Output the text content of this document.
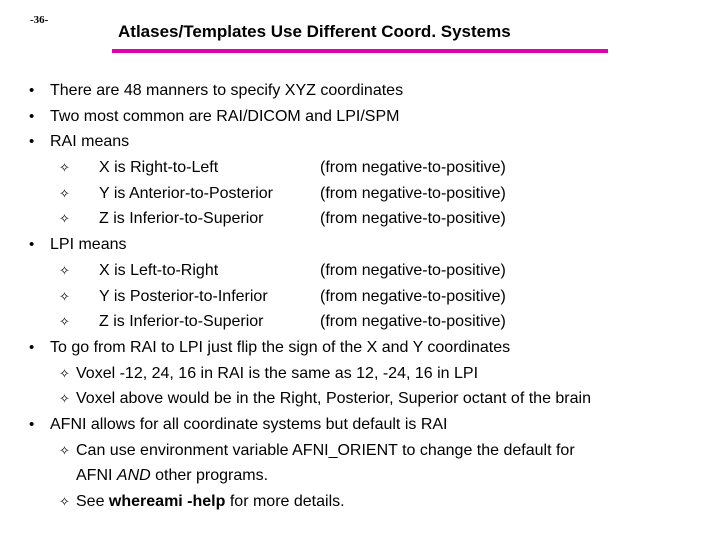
-36-
Atlases/Templates Use Different Coord. Systems
• There are 48 manners to specify XYZ coordinates
• Two most common are RAI/DICOM and LPI/SPM
• RAI means
✧ X is Right-to-Left	(from negative-to-positive)
✧ Y is Anterior-to-Posterior	(from negative-to-positive)
✧ Z is Inferior-to-Superior	(from negative-to-positive)
• LPI means
✧ X is Left-to-Right	(from negative-to-positive)
✧ Y is Posterior-to-Inferior	(from negative-to-positive)
✧ Z is Inferior-to-Superior	(from negative-to-positive)
• To go from RAI to LPI just flip the sign of the X and Y coordinates
✧ Voxel -12, 24, 16 in RAI is the same as 12, -24, 16 in LPI
✧ Voxel above would be in the Right, Posterior, Superior octant of the brain
• AFNI allows for all coordinate systems but default is RAI
✧ Can use environment variable AFNI_ORIENT to change the default for
AFNI AND other programs.
✧ See whereami -help for more details.
